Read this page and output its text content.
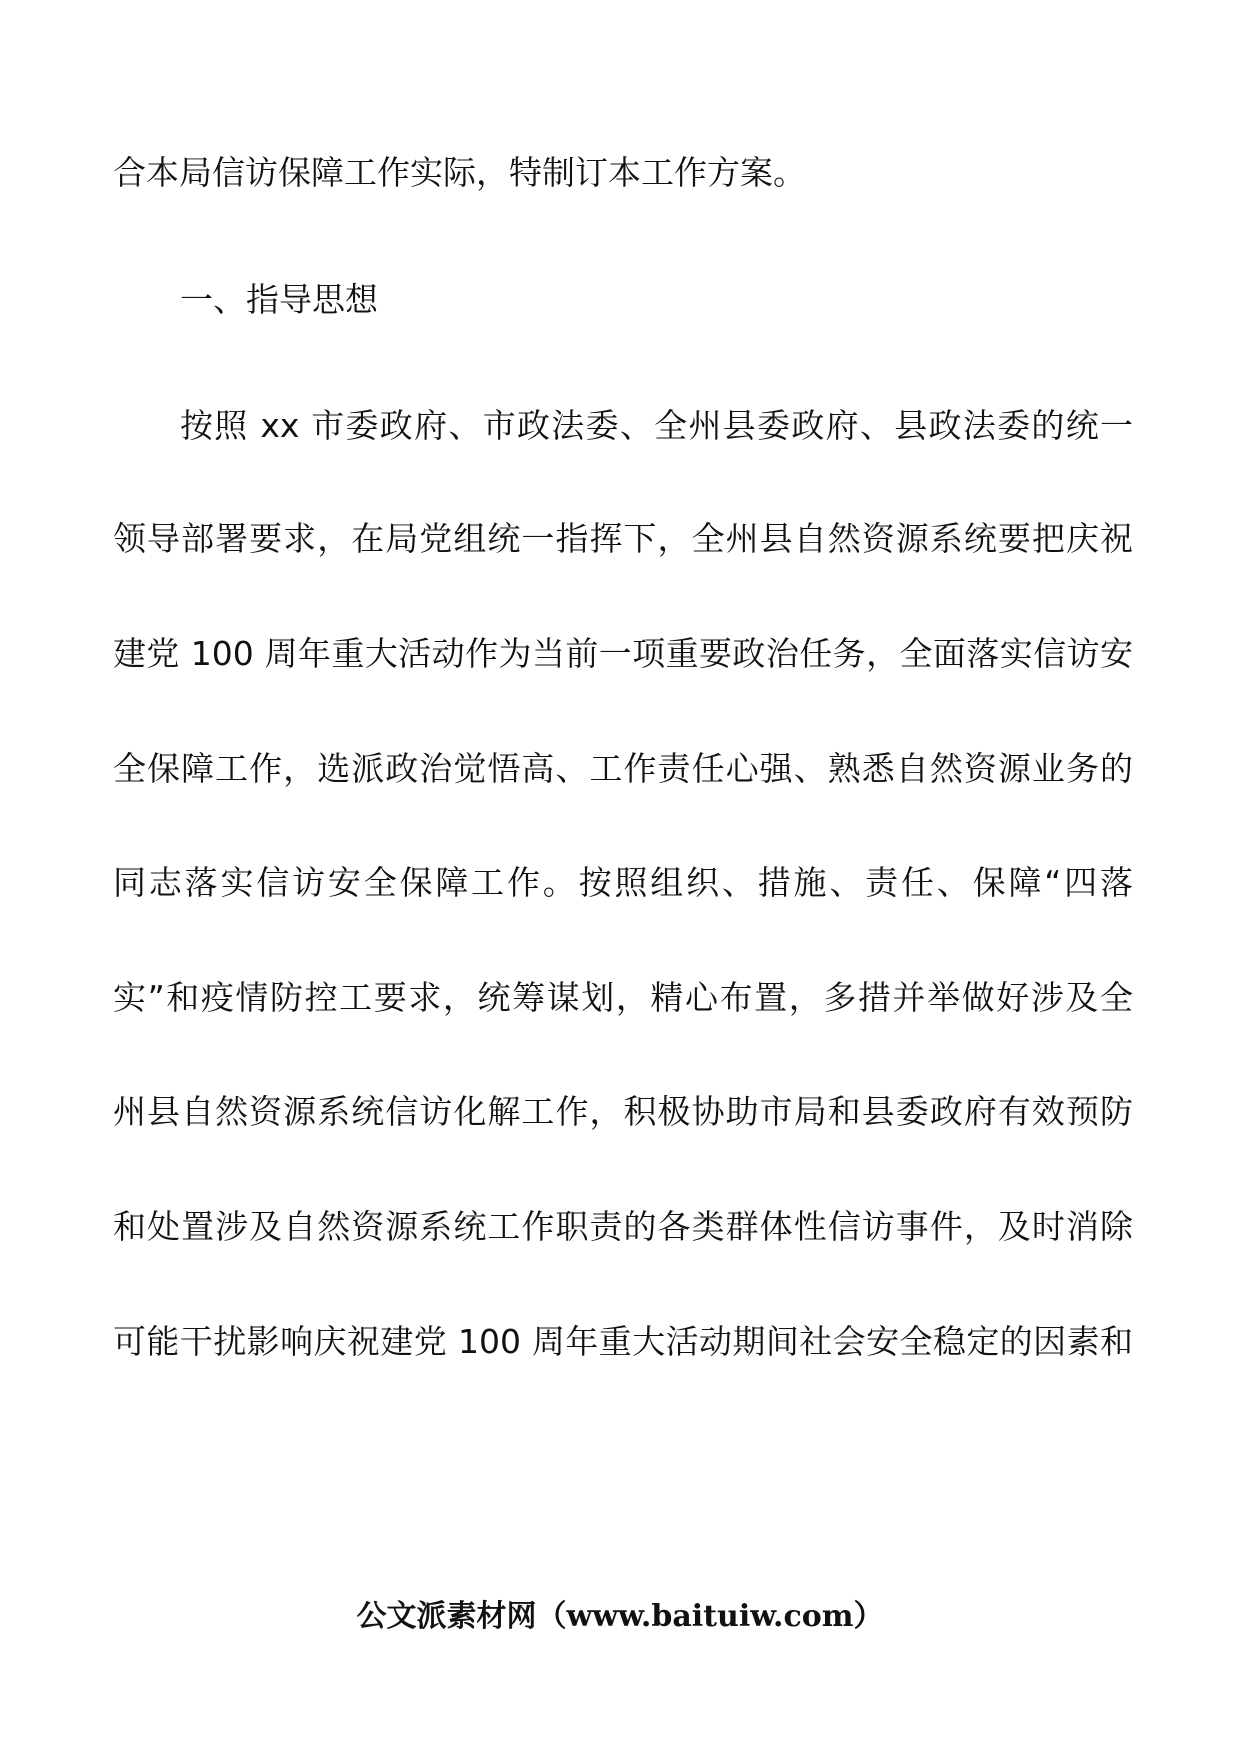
合本局信访保障工作实际，特制订本工作方案。
一、指导思想
按照 xx 市委政府、市政法委、全州县委政府、县政法委的统一
领导部署要求，在局党组统一指挥下，全州县自然资源系统要把庆祝
建党 100 周年重大活动作为当前一项重要政治任务，全面落实信访安
全保障工作，选派政治觉悟高、工作责任心强、熟悉自然资源业务的
同志落实信访安全保障工作。按照组织、措施、责任、保障“四落
实”和疫情防控工要求，统筹谋划，精心布置，多措并举做好涉及全
州县自然资源系统信访化解工作，积极协助市局和县委政府有效预防
和处置涉及自然资源系统工作职责的各类群体性信访事件，及时消除
可能干扰影响庆祝建党 100 周年重大活动期间社会安全稳定的因素和
公文派素材网（www.baituiw.com）
